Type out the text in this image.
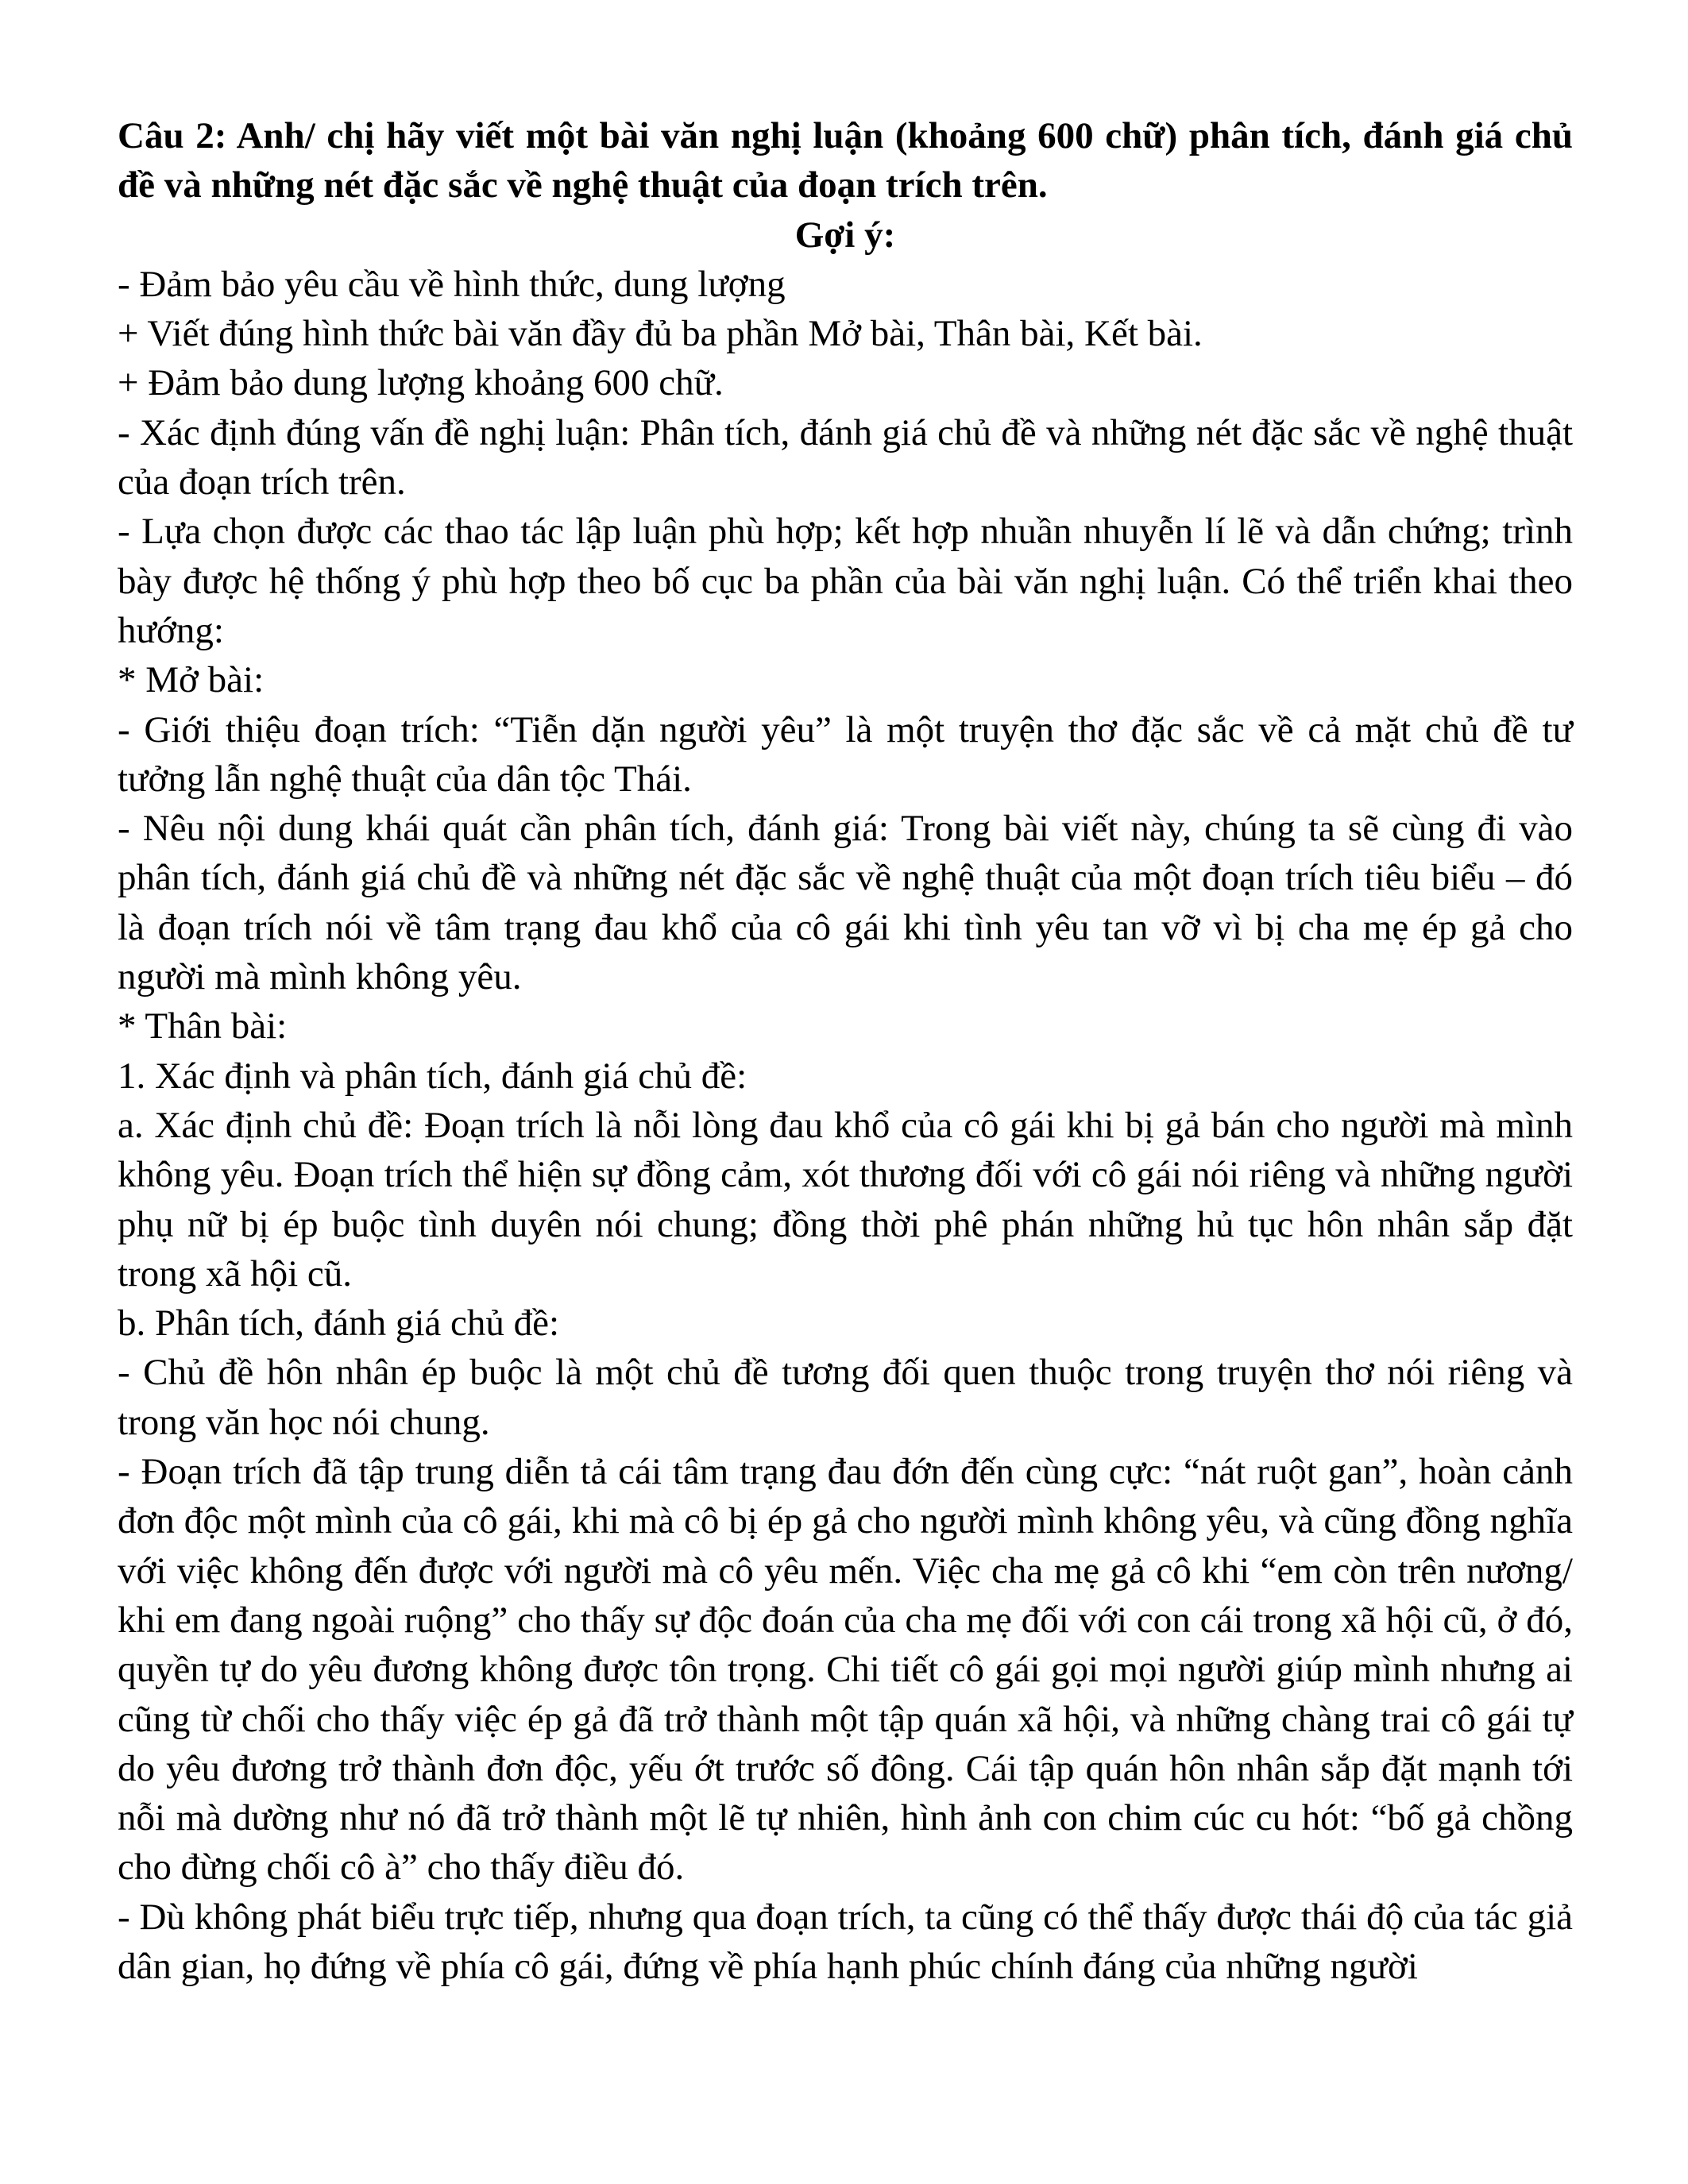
Câu 2: Anh/ chị hãy viết một bài văn nghị luận (khoảng 600 chữ) phân tích, đánh giá chủ đề và những nét đặc sắc về nghệ thuật của đoạn trích trên.

Gợi ý:

- Đảm bảo yêu cầu về hình thức, dung lượng

+ Viết đúng hình thức bài văn đầy đủ ba phần Mở bài, Thân bài, Kết bài.

+ Đảm bảo dung lượng khoảng 600 chữ.

- Xác định đúng vấn đề nghị luận: Phân tích, đánh giá chủ đề và những nét đặc sắc về nghệ thuật của đoạn trích trên.

- Lựa chọn được các thao tác lập luận phù hợp; kết hợp nhuần nhuyễn lí lẽ và dẫn chứng; trình bày được hệ thống ý phù hợp theo bố cục ba phần của bài văn nghị luận. Có thể triển khai theo hướng:

* Mở bài:

- Giới thiệu đoạn trích: “Tiễn dặn người yêu” là một truyện thơ đặc sắc về cả mặt chủ đề tư tưởng lẫn nghệ thuật của dân tộc Thái.

- Nêu nội dung khái quát cần phân tích, đánh giá: Trong bài viết này, chúng ta sẽ cùng đi vào phân tích, đánh giá chủ đề và những nét đặc sắc về nghệ thuật của một đoạn trích tiêu biểu – đó là đoạn trích nói về tâm trạng đau khổ của cô gái khi tình yêu tan vỡ vì bị cha mẹ ép gả cho người mà mình không yêu.

* Thân bài:

1. Xác định và phân tích, đánh giá chủ đề:

a. Xác định chủ đề: Đoạn trích là nỗi lòng đau khổ của cô gái khi bị gả bán cho người mà mình không yêu. Đoạn trích thể hiện sự đồng cảm, xót thương đối với cô gái nói riêng và những người phụ nữ bị ép buộc tình duyên nói chung; đồng thời phê phán những hủ tục hôn nhân sắp đặt trong xã hội cũ.

b. Phân tích, đánh giá chủ đề:

- Chủ đề hôn nhân ép buộc là một chủ đề tương đối quen thuộc trong truyện thơ nói riêng và trong văn học nói chung.

- Đoạn trích đã tập trung diễn tả cái tâm trạng đau đớn đến cùng cực: “nát ruột gan”, hoàn cảnh đơn độc một mình của cô gái, khi mà cô bị ép gả cho người mình không yêu, và cũng đồng nghĩa với việc không đến được với người mà cô yêu mến. Việc cha mẹ gả cô khi “em còn trên nương/ khi em đang ngoài ruộng” cho thấy sự độc đoán của cha mẹ đối với con cái trong xã hội cũ, ở đó, quyền tự do yêu đương không được tôn trọng. Chi tiết cô gái gọi mọi người giúp mình nhưng ai cũng từ chối cho thấy việc ép gả đã trở thành một tập quán xã hội, và những chàng trai cô gái tự do yêu đương trở thành đơn độc, yếu ớt trước số đông. Cái tập quán hôn nhân sắp đặt mạnh tới nỗi mà dường như nó đã trở thành một lẽ tự nhiên, hình ảnh con chim cúc cu hót: “bố gả chồng cho đừng chối cô à” cho thấy điều đó.

- Dù không phát biểu trực tiếp, nhưng qua đoạn trích, ta cũng có thể thấy được thái độ của tác giả dân gian, họ đứng về phía cô gái, đứng về phía hạnh phúc chính đáng của những người
